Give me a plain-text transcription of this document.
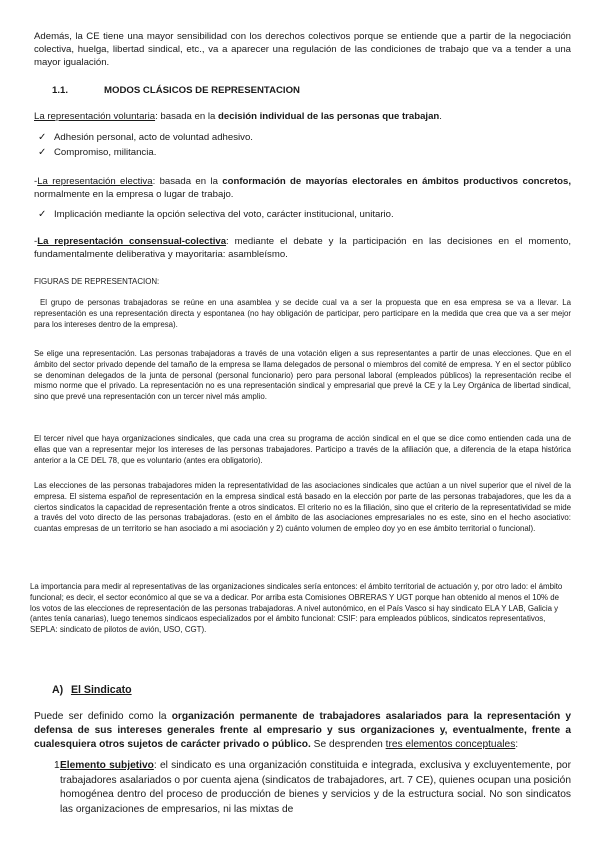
Además, la CE tiene una mayor sensibilidad con los derechos colectivos porque se entiende que a partir de la negociación colectiva, huelga, libertad sindical, etc., va a aparecer una regulación de las condiciones de trabajo que va a tender a una mayor igualación.

1.1.	MODOS CLÁSICOS DE REPRESENTACION

La representación voluntaria: basada en la decisión individual de las personas que trabajan.

✓ Adhesión personal, acto de voluntad adhesivo.
✓ Compromiso, militancia.

-La representación electiva: basada en la conformación de mayorías electorales en ámbitos productivos concretos, normalmente en la empresa o lugar de trabajo.

✓ Implicación mediante la opción selectiva del voto, carácter institucional, unitario.

-La representación consensual-colectiva: mediante el debate y la participación en las decisiones en el momento, fundamentalmente deliberativa y mayoritaria: asambleísmo.

FIGURAS DE REPRESENTACION:

El grupo de personas trabajadoras se reúne en una asamblea y se decide cual va a ser la propuesta que en esa empresa se va a llevar. La representación es una representación directa y espontanea (no hay obligación de participar, pero participare en la medida que crea que va a ser mejor para los intereses dentro de la empresa).

Se elige una representación. Las personas trabajadoras a través de una votación eligen a sus representantes a partir de unas elecciones. Que en el ámbito del sector privado depende del tamaño de la empresa se llama delegados de personal o miembros del comité de empresa. Y en el sector público se denominan delegados de la junta de personal (personal funcionario) pero para personal laboral (empleados públicos) la representación recibe el mismo norme que el privado. La representación no es una representación sindical y empresarial que prevé la CE y la Ley Orgánica de libertad sindical, sino que prevé una representación con un tercer nivel más amplio.

El tercer nivel que haya organizaciones sindicales, que cada una crea su programa de acción sindical en el que se dice como entienden cada una de ellas que van a representar mejor los intereses de las personas trabajadores. Participo a través de la afiliación que, a diferencia de la etapa histórica anterior a la CE DEL 78, que es voluntario (antes era obligatorio).

Las elecciones de las personas trabajadores miden la representatividad de las asociaciones sindicales que actúan a un nivel superior que el nivel de la empresa. El sistema español de representación en la empresa sindical está basado en la elección por parte de las personas trabajadores, que les da a ciertos sindicatos la capacidad de representación frente a otros sindicatos. El criterio no es la filiación, sino que el criterio de la representatividad se mide a través del voto directo de las personas trabajadoras. (esto en el ámbito de las asociaciones empresariales no es este, sino en el hecho asociativo: cuantas empresas de un territorio se han asociado a mi asociación y 2) cuánto volumen de empleo doy yo en ese ámbito territorial o funcional).

La importancia para medir al representativas de las organizaciones sindicales sería entonces: el ámbito territorial de actuación y, por otro lado: el ámbito funcional; es decir, el sector económico al que se va a dedicar. Por arriba esta Comisiones OBRERAS Y UGT porque han obtenido al menos el 10% de los votos de las elecciones de representación de las personas trabajadoras. A nivel autonómico, en el País Vasco si hay sindicato ELA Y LAB, Galicia y (antes tenía canarias), luego tenemos sindicaos especializados por el ámbito funcional: CSIF: para empleados públicos, sindicatos representativos, SEPLA: sindicato de pilotos de avión, USO, CGT).

A) El Sindicato

Puede ser definido como la organización permanente de trabajadores asalariados para la representación y defensa de sus intereses generales frente al empresario y sus organizaciones y, eventualmente, frente a cualesquiera otros sujetos de carácter privado o público. Se desprenden tres elementos conceptuales:

1.
Elemento subjetivo: el sindicato es una organización constituida e integrada, exclusiva y excluyentemente, por trabajadores asalariados o por cuenta ajena (sindicatos de trabajadores, art. 7 CE), quienes ocupan una posición homogénea dentro del proceso de producción de bienes y servicios y de la estructura social. No son sindicatos las organizaciones de empresarios, ni las mixtas de
